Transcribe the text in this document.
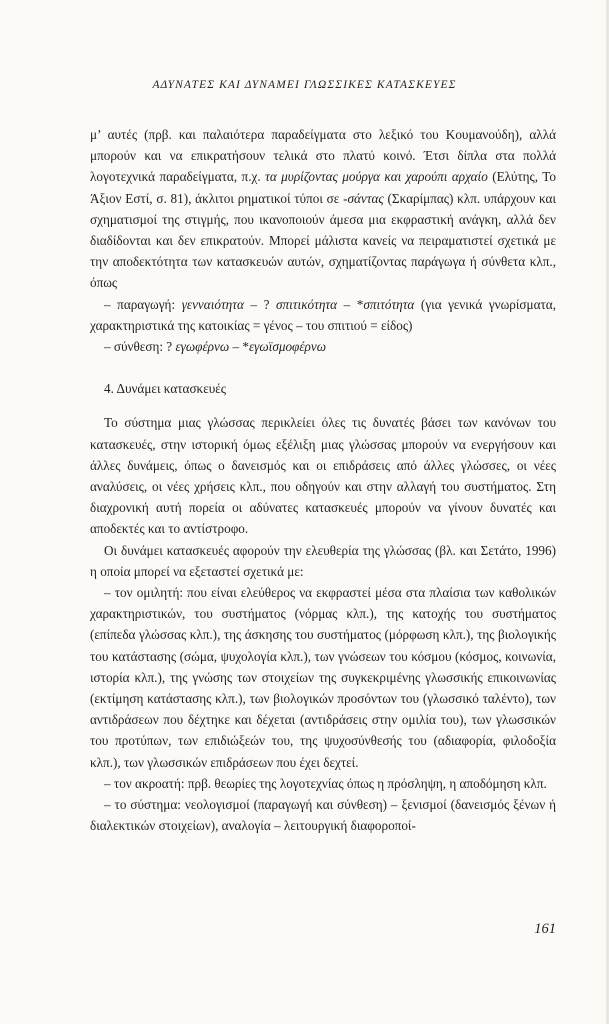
ΑΔΥΝΑΤΕΣ ΚΑΙ ΔΥΝΑΜΕΙ ΓΛΩΣΣΙΚΕΣ ΚΑΤΑΣΚΕΥΕΣ

μ’ αυτές (πρβ. και παλαιότερα παραδείγματα στο λεξικό του Κουμανούδη), αλλά μπορούν και να επικρατήσουν τελικά στο πλατύ κοινό. Έτσι δίπλα στα πολλά λογοτεχνικά παραδείγματα, π.χ. τα μυρίζοντας μούργα και χαρούπι αρχαίο (Ελύτης, Το Άξιον Εστί, σ. 81), άκλιτοι ρηματικοί τύποι σε -σάντας (Σκαρίμπας) κλπ. υπάρχουν και σχηματισμοί της στιγμής, που ικανοποιούν άμεσα μια εκφραστική ανάγκη, αλλά δεν διαδίδονται και δεν επικρατούν. Μπορεί μάλιστα κανείς να πειραματιστεί σχετικά με την αποδεκτότητα των κατασκευών αυτών, σχηματίζοντας παράγωγα ή σύνθετα κλπ., όπως

– παραγωγή: γενναιότητα – ? σπιτικότητα – *σπιτότητα (για γενικά γνωρίσματα, χαρακτηριστικά της κατοικίας = γένος – του σπιτιού = είδος)

– σύνθεση: ? εγωφέρνω – *εγωϊσμοφέρνω

4. Δυνάμει κατασκευές

Το σύστημα μιας γλώσσας περικλείει όλες τις δυνατές βάσει των κανόνων του κατασκευές, στην ιστορική όμως εξέλιξη μιας γλώσσας μπορούν να ενεργήσουν και άλλες δυνάμεις, όπως ο δανεισμός και οι επιδράσεις από άλλες γλώσσες, οι νέες αναλύσεις, οι νέες χρήσεις κλπ., που οδηγούν και στην αλλαγή του συστήματος. Στη διαχρονική αυτή πορεία οι αδύνατες κατασκευές μπορούν να γίνουν δυνατές και αποδεκτές και το αντίστροφο.

Οι δυνάμει κατασκευές αφορούν την ελευθερία της γλώσσας (βλ. και Σετάτο, 1996) η οποία μπορεί να εξεταστεί σχετικά με:

– τον ομιλητή: που είναι ελεύθερος να εκφραστεί μέσα στα πλαίσια των καθολικών χαρακτηριστικών, του συστήματος (νόρμας κλπ.), της κατοχής του συστήματος (επίπεδα γλώσσας κλπ.), της άσκησης του συστήματος (μόρφωση κλπ.), της βιολογικής του κατάστασης (σώμα, ψυχολογία κλπ.), των γνώσεων του κόσμου (κόσμος, κοινωνία, ιστορία κλπ.), της γνώσης των στοιχείων της συγκεκριμένης γλωσσικής επικοινωνίας (εκτίμηση κατάστασης κλπ.), των βιολογικών προσόντων του (γλωσσικό ταλέντο), των αντιδράσεων που δέχτηκε και δέχεται (αντιδράσεις στην ομιλία του), των γλωσσικών του προτύπων, των επιδιώξεών του, της ψυχοσύνθεσής του (αδιαφορία, φιλοδοξία κλπ.), των γλωσσικών επιδράσεων που έχει δεχτεί.

– τον ακροατή: πρβ. θεωρίες της λογοτεχνίας όπως η πρόσληψη, η αποδόμηση κλπ.

– το σύστημα: νεολογισμοί (παραγωγή και σύνθεση) – ξενισμοί (δανεισμός ξένων ή διαλεκτικών στοιχείων), αναλογία – λειτουργική διαφοροποί-

161
